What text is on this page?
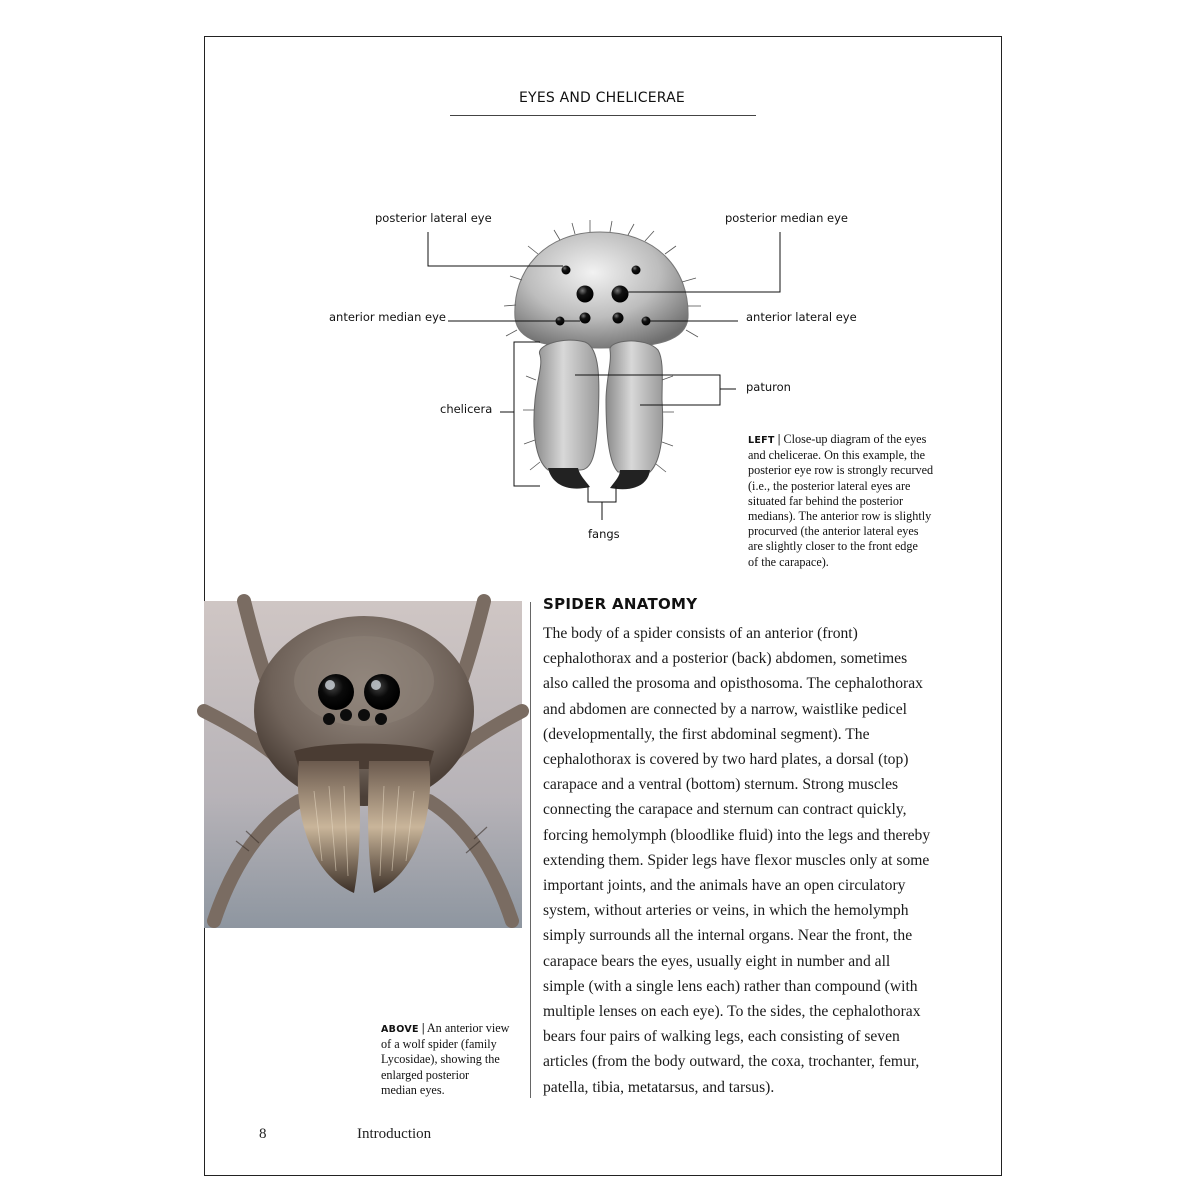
EYES AND CHELICERAE
posterior lateral eye	posterior median eye
anterior median eye	anterior lateral eye
paturon
chelicera
fangs

LEFT | Close-up diagram of the eyes

and chelicerae. On this example, the

posterior eye row is strongly recurved

(i.e., the posterior lateral eyes are

situated far behind the posterior

medians). The anterior row is slightly

procurved (the anterior lateral eyes

are slightly closer to the front edge

of the carapace).

ABOVE | An anterior view

of a wolf spider (family

Lycosidae), showing the

enlarged posterior

median eyes.

SPIDER ANATOMY

The body of a spider consists of an anterior (front)

cephalothorax and a posterior (back) abdomen, sometimes

also called the prosoma and opisthosoma. The cephalothorax

and abdomen are connected by a narrow, waistlike pedicel

(developmentally, the first abdominal segment). The

cephalothorax is covered by two hard plates, a dorsal (top)

carapace and a ventral (bottom) sternum. Strong muscles

connecting the carapace and sternum can contract quickly,

forcing hemolymph (bloodlike fluid) into the legs and thereby

extending them. Spider legs have flexor muscles only at some

important joints, and the animals have an open circulatory

system, without arteries or veins, in which the hemolymph

simply surrounds all the internal organs. Near the front, the

carapace bears the eyes, usually eight in number and all

simple (with a single lens each) rather than compound (with

multiple lenses on each eye). To the sides, the cephalothorax

bears four pairs of walking legs, each consisting of seven

articles (from the body outward, the coxa, trochanter, femur,

patella, tibia, metatarsus, and tarsus).

8	Introduction
